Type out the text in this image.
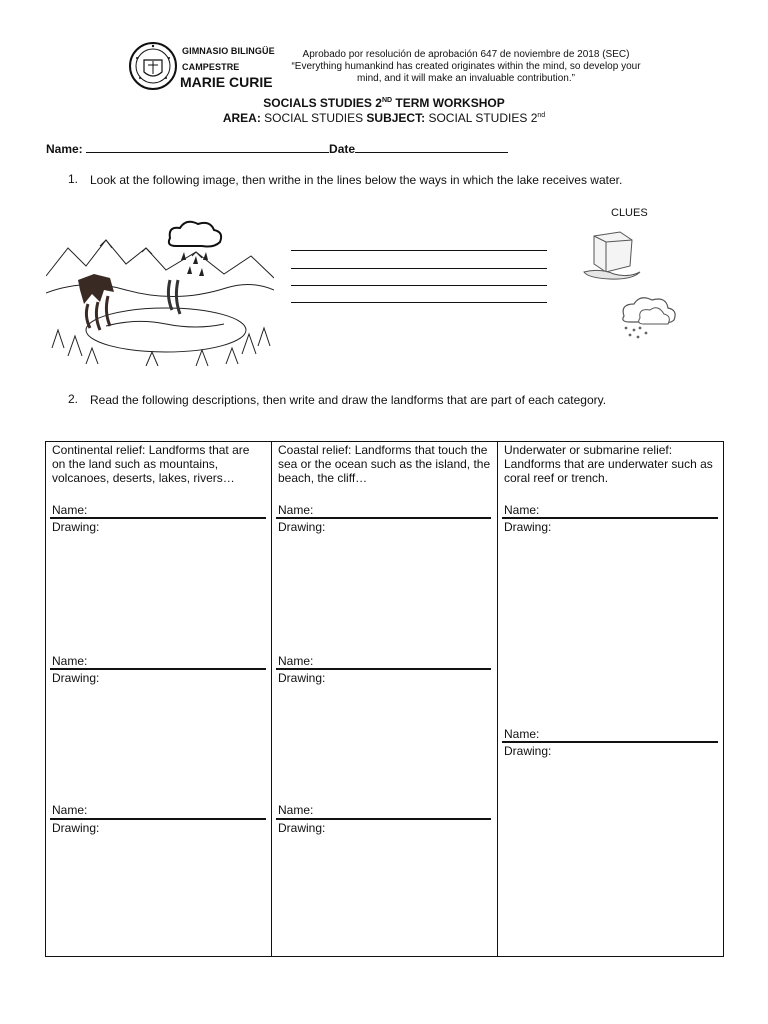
GIMNASIO BILINGÜE
CAMPESTRE
MARIE CURIE
Aprobado por resolución de aprobación 647 de noviembre de 2018 (SEC)
“Everything humankind has created originates within the mind, so develop your mind, and it will make an invaluable contribution.”
SOCIALS STUDIES 2ND TERM WORKSHOP
AREA: SOCIAL STUDIES SUBJECT: SOCIAL STUDIES 2nd
Name:	Date
1. Look at the following image, then writhe in the lines below the ways in which the lake receives water.
CLUES
2. Read the following descriptions, then write and draw the landforms that are part of each category.
Continental relief: Landforms that are on the land such as mountains, volcanoes, deserts, lakes, rivers…
Name:
Drawing:
Name:
Drawing:
Name:
Drawing:
Coastal relief: Landforms that touch the sea or the ocean such as the island, the beach, the cliff…
Name:
Drawing:
Name:
Drawing:
Name:
Drawing:
Underwater or submarine relief: Landforms that are underwater such as coral reef or trench.
Name:
Drawing:
Name:
Drawing:
